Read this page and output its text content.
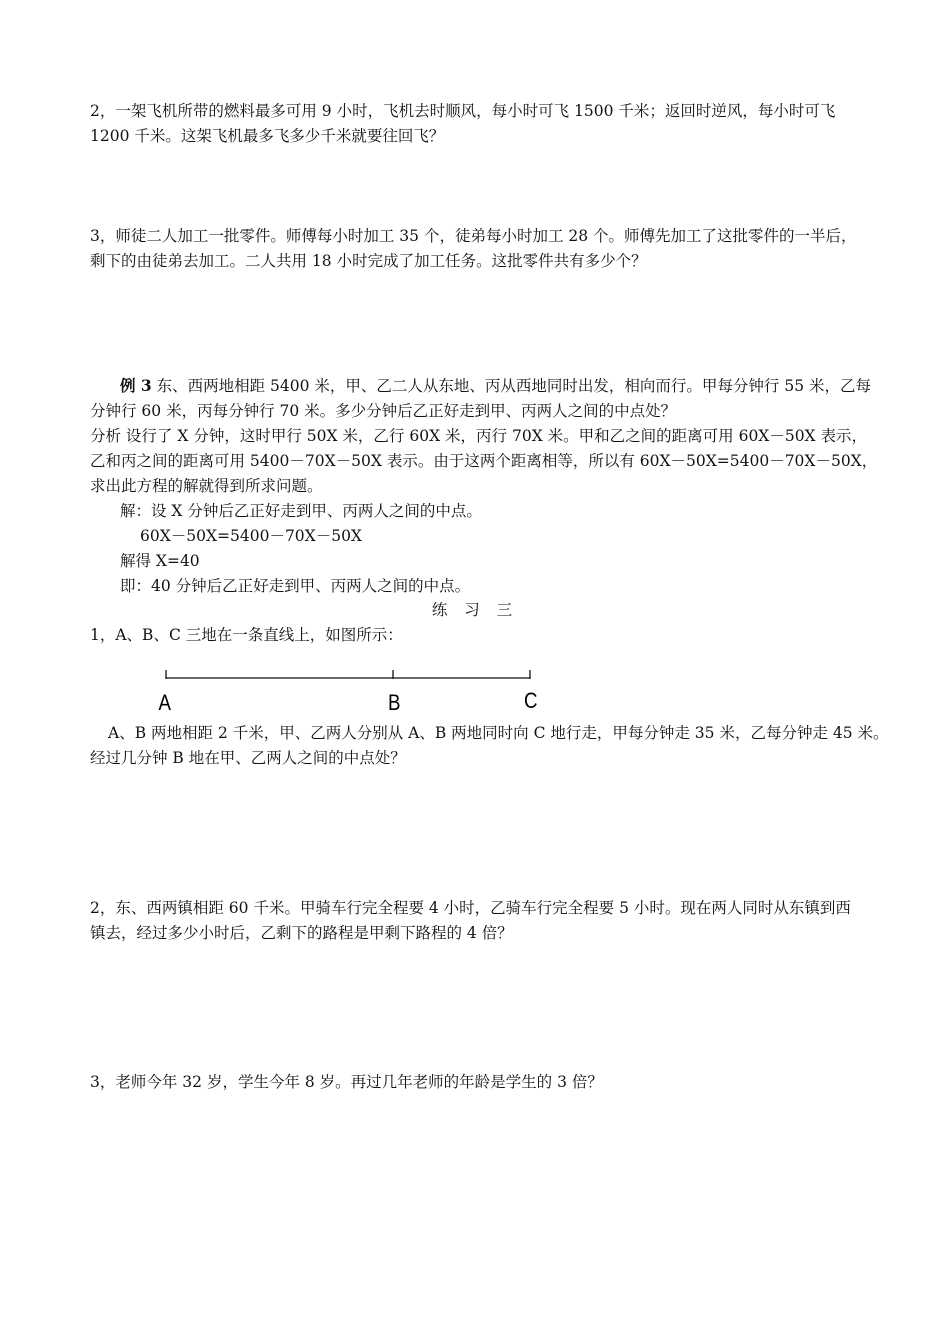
2，一架飞机所带的燃料最多可用 9 小时，飞机去时顺风，每小时可飞 1500 千米；返回时逆风，每小时可飞
1200 千米。这架飞机最多飞多少千米就要往回飞？
3，师徒二人加工一批零件。师傅每小时加工 35 个，徒弟每小时加工 28 个。师傅先加工了这批零件的一半后，
剩下的由徒弟去加工。二人共用 18 小时完成了加工任务。这批零件共有多少个？
例 3 东、西两地相距 5400 米，甲、乙二人从东地、丙从西地同时出发，相向而行。甲每分钟行 55 米，乙每
分钟行 60 米，丙每分钟行 70 米。多少分钟后乙正好走到甲、丙两人之间的中点处？
分析 设行了 X 分钟，这时甲行 50X 米，乙行 60X 米，丙行 70X 米。甲和乙之间的距离可用 60X－50X 表示，
乙和丙之间的距离可用 5400－70X－50X 表示。由于这两个距离相等，所以有 60X－50X=5400－70X－50X，
求出此方程的解就得到所求问题。
解：设 X 分钟后乙正好走到甲、丙两人之间的中点。
60X－50X=5400－70X－50X
解得 X=40
即：40 分钟后乙正好走到甲、丙两人之间的中点。
练 习 三
1，A、B、C 三地在一条直线上，如图所示：
A	B	C
A、B 两地相距 2 千米，甲、乙两人分别从 A、B 两地同时向 C 地行走，甲每分钟走 35 米，乙每分钟走 45 米。
经过几分钟 B 地在甲、乙两人之间的中点处？
2，东、西两镇相距 60 千米。甲骑车行完全程要 4 小时，乙骑车行完全程要 5 小时。现在两人同时从东镇到西
镇去，经过多少小时后，乙剩下的路程是甲剩下路程的 4 倍？
3，老师今年 32 岁，学生今年 8 岁。再过几年老师的年龄是学生的 3 倍？
